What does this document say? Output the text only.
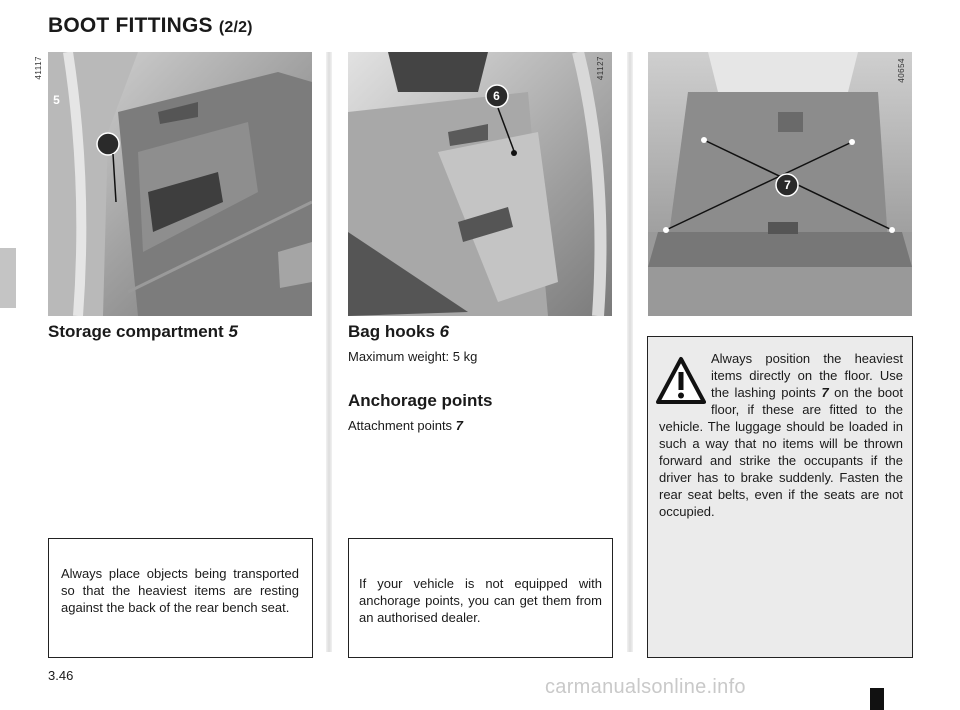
BOOT FITTINGS (2/2)
5
41117
6
41127
7
40654
Storage compartment 5
Always place objects being transported so that the heaviest items are resting against the back of the rear bench seat.
Bag hooks 6
Maximum weight: 5 kg
Anchorage points
Attachment points 7
If your vehicle is not equipped with anchorage points, you can get them from an authorised dealer.
Always position the heaviest items directly on the floor. Use the lashing points 7 on the boot floor, if these are fitted to the vehicle. The luggage should be loaded in such a way that no items will be thrown forward and strike the occupants if the driver has to brake suddenly. Fasten the rear seat belts, even if the seats are not occupied.
3.46
carmanualsonline.info
